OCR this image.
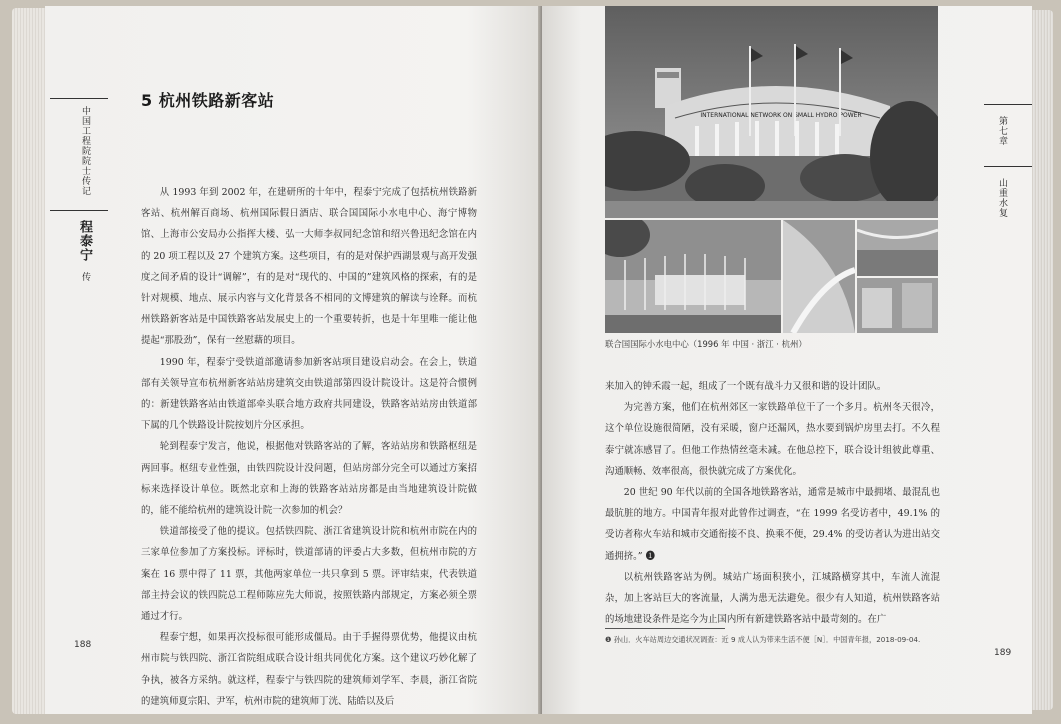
中国工程院院士传记
程泰宁
传
5 杭州铁路新客站

从 1993 年到 2002 年，在建研所的十年中，程泰宁完成了包括杭州铁路新客站、杭州解百商场、杭州国际假日酒店、联合国国际小水电中心、海宁博物馆、上海市公安局办公指挥大楼、弘一大师李叔同纪念馆和绍兴鲁迅纪念馆在内的 20 项工程以及 27 个建筑方案。这些项目，有的是对保护西湖景观与高开发强度之间矛盾的设计“调解”，有的是对“现代的、中国的”建筑风格的探索，有的是针对规模、地点、展示内容与文化背景各不相同的文博建筑的解读与诠释。而杭州铁路新客站是中国铁路客站发展史上的一个重要转折，也是十年里唯一能让他提起“那股劲”，保有一丝慰藉的项目。

1990 年，程泰宁受铁道部邀请参加新客站项目建设启动会。在会上，铁道部有关领导宣布杭州新客站站房建筑交由铁道部第四设计院设计。这是符合惯例的：新建铁路客站由铁道部牵头联合地方政府共同建设，铁路客站站房由铁道部下属的几个铁路设计院按划片分区承担。

轮到程泰宁发言，他说，根据他对铁路客站的了解，客站站房和铁路枢纽是两回事。枢纽专业性强，由铁四院设计没问题，但站房部分完全可以通过方案招标来选择设计单位。既然北京和上海的铁路客站站房都是由当地建筑设计院做的，能不能给杭州的建筑设计院一次参加的机会？

铁道部接受了他的提议。包括铁四院、浙江省建筑设计院和杭州市院在内的三家单位参加了方案投标。评标时，铁道部请的评委占大多数，但杭州市院的方案在 16 票中得了 11 票，其他两家单位一共只拿到 5 票。评审结束，代表铁道部主持会议的铁四院总工程师陈应先大师说，按照铁路内部规定，方案必须全票通过才行。

程泰宁想，如果再次投标很可能形成僵局。由于手握得票优势，他提议由杭州市院与铁四院、浙江省院组成联合设计组共同优化方案。这个建议巧妙化解了争执，被各方采纳。就这样，程泰宁与铁四院的建筑师刘学军、李晨，浙江省院的建筑师夏宗阳、尹军，杭州市院的建筑师丁洸、陆皓以及后

188
INTERNATIONAL NETWORK ON SMALL HYDRO POWER
联合国国际小水电中心（1996 年 中国 · 浙江 · 杭州）
第七章
山重水复

来加入的钟禾霞一起，组成了一个既有战斗力又很和谐的设计团队。

为完善方案，他们在杭州郊区一家铁路单位干了一个多月。杭州冬天很冷，这个单位设施很简陋，没有采暖，窗户还漏风，热水要到锅炉房里去打。不久程泰宁就冻感冒了。但他工作热情丝毫未减。在他总控下，联合设计组彼此尊重、沟通顺畅、效率很高，很快就完成了方案优化。

20 世纪 90 年代以前的全国各地铁路客站，通常是城市中最拥堵、最混乱也最肮脏的地方。中国青年报对此曾作过调查，“在 1999 名受访者中，49.1% 的受访者称火车站和城市交通衔接不良、换乘不便，29.4% 的受访者认为进出站交通拥挤。” ❶

以杭州铁路客站为例。城站广场面积狭小，江城路横穿其中，车流人流混杂，加上客站巨大的客流量，人满为患无法避免。很少有人知道，杭州铁路客站的场地建设条件是迄今为止国内所有新建铁路客站中最苛刻的。在广

❶ 孙山．火车站周边交通状况调查：近 9 成人认为带来生活不便［N］．中国青年报，2018-09-04.
189
